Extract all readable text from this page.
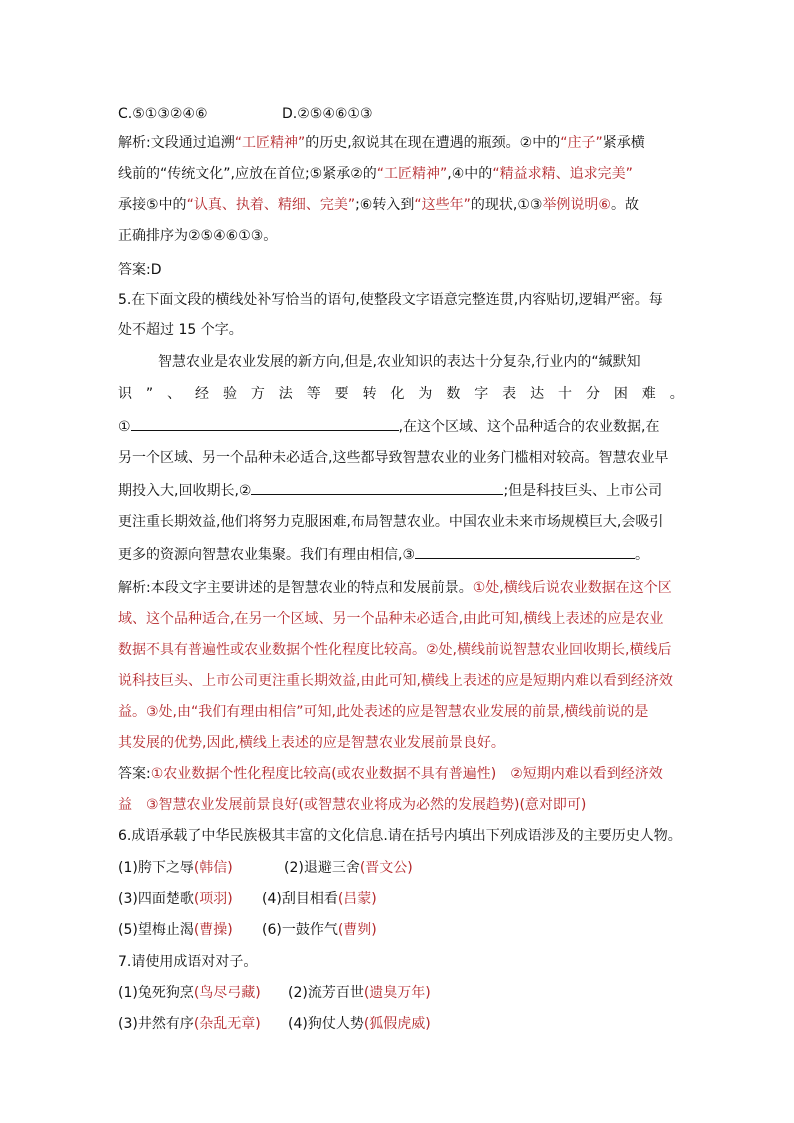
C.⑤①③②④⑥	D.②⑤④⑥①③
解析:文段通过追溯“工匠精神”的历史,叙说其在现在遭遇的瓶颈。②中的“庄子”紧承横
线前的“传统文化”,应放在首位;⑤紧承②的“工匠精神”,④中的“精益求精、追求完美”
承接⑤中的“认真、执着、精细、完美”;⑥转入到“这些年”的现状,①③举例说明⑥。故
正确排序为②⑤④⑥①③。
答案:D
5.在下面文段的横线处补写恰当的语句,使整段文字语意完整连贯,内容贴切,逻辑严密。每
处不超过 15 个字。
智慧农业是农业发展的新方向,但是,农业知识的表达十分复杂,行业内的“缄默知
识 ” 、 经 验 方 法 等 要 转 化 为 数 字 表 达 十 分 困 难 。
①	,在这个区域、这个品种适合的农业数据,在
另一个区域、另一个品种未必适合,这些都导致智慧农业的业务门槛相对较高。智慧农业早
期投入大,回收期长,②	;但是科技巨头、上市公司
更注重长期效益,他们将努力克服困难,布局智慧农业。中国农业未来市场规模巨大,会吸引
更多的资源向智慧农业集聚。我们有理由相信,③	。
解析:本段文字主要讲述的是智慧农业的特点和发展前景。①处,横线后说农业数据在这个区
域、这个品种适合,在另一个区域、另一个品种未必适合,由此可知,横线上表述的应是农业
数据不具有普遍性或农业数据个性化程度比较高。②处,横线前说智慧农业回收期长,横线后
说科技巨头、上市公司更注重长期效益,由此可知,横线上表述的应是短期内难以看到经济效
益。③处,由“我们有理由相信”可知,此处表述的应是智慧农业发展的前景,横线前说的是
其发展的优势,因此,横线上表述的应是智慧农业发展前景良好。
答案:①农业数据个性化程度比较高(或农业数据不具有普遍性)　②短期内难以看到经济效
益　③智慧农业发展前景良好(或智慧农业将成为必然的发展趋势)(意对即可)
6.成语承载了中华民族极其丰富的文化信息.请在括号内填出下列成语涉及的主要历史人物。
(1)胯下之辱(韩信)	(2)退避三舍(晋文公)
(3)四面楚歌(项羽) (4)刮目相看(吕蒙)
(5)望梅止渴(曹操) (6)一鼓作气(曹刿)
7.请使用成语对对子。
(1)兔死狗烹(鸟尽弓藏) (2)流芳百世(遗臭万年)
(3)井然有序(杂乱无章) (4)狗仗人势(狐假虎威)
